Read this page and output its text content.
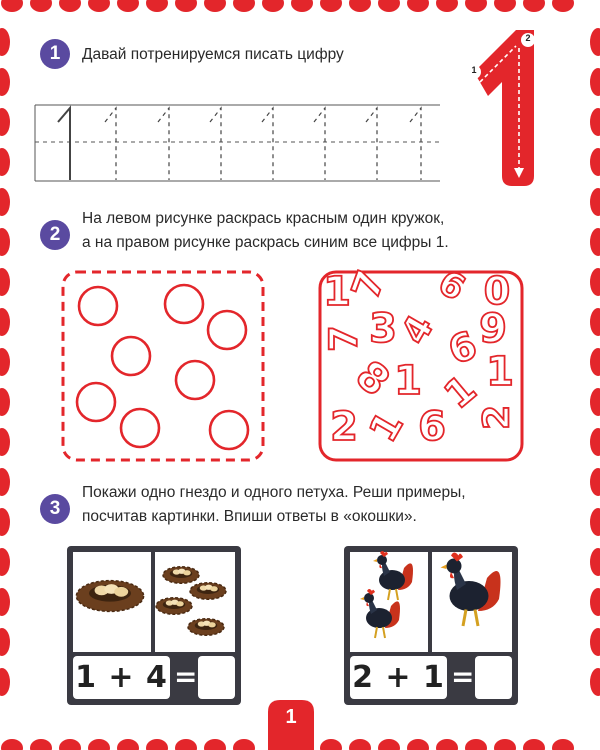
1
7 6 0
7 3
4 9
9
8
1 1
1
2 6
1 2
1	Давай потренируемся писать цифру
2
На левом рисунке раскрась красным один кружок,
а на правом рисунке раскрась синим все цифры 1.
3
Покажи одно гнездо и одного петуха. Реши примеры,
посчитав картинки. Впиши ответы в «окошки».
1
2
1 + 4 =	2 + 1 =
1
